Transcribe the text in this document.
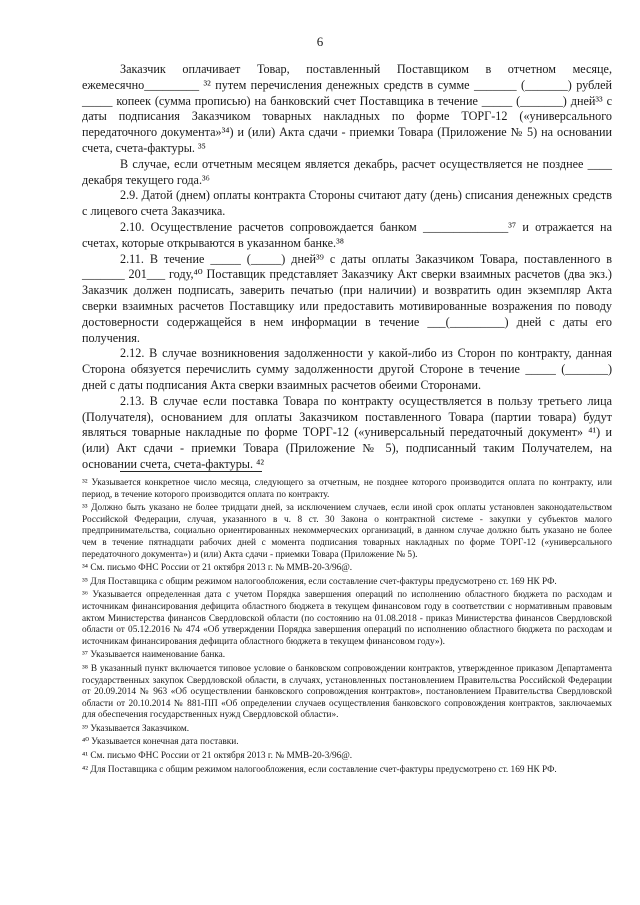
6

Заказчик оплачивает Товар, поставленный Поставщиком в отчетном месяце, ежемесячно_________ ³² путем перечисления денежных средств в сумме _______ (_______) рублей _____ копеек (сумма прописью) на банковский счет Поставщика в течение _____ (_______) дней³³ с даты подписания Заказчиком товарных накладных по форме ТОРГ-12 («универсального передаточного документа»³⁴) и (или) Акта сдачи - приемки Товара (Приложение № 5) на основании счета, счета-фактуры. ³⁵

В случае, если отчетным месяцем является декабрь, расчет осуществляется не позднее ____ декабря текущего года.³⁶

2.9. Датой (днем) оплаты контракта Стороны считают дату (день) списания денежных средств с лицевого счета Заказчика.

2.10. Осуществление расчетов сопровождается банком ______________³⁷ и отражается на счетах, которые открываются в указанном банке.³⁸

2.11. В течение _____ (_____) дней³⁹ с даты оплаты Заказчиком Товара, поставленного в _______ 201___ году,⁴⁰ Поставщик представляет Заказчику Акт сверки взаимных расчетов (два экз.) Заказчик должен подписать, заверить печатью (при наличии) и возвратить один экземпляр Акта сверки взаимных расчетов Поставщику или предоставить мотивированные возражения по поводу достоверности содержащейся в нем информации в течение ___(_________) дней с даты его получения.

2.12. В случае возникновения задолженности у какой-либо из Сторон по контракту, данная Сторона обязуется перечислить сумму задолженности другой Стороне в течение _____ (_______) дней с даты подписания Акта сверки взаимных расчетов обеими Сторонами.

2.13. В случае если поставка Товара по контракту осуществляется в пользу третьего лица (Получателя), основанием для оплаты Заказчиком поставленного Товара (партии товара) будут являться товарные накладные по форме ТОРГ-12 («универсальный передаточный документ» ⁴¹) и (или) Акт сдачи - приемки Товара (Приложение № 5), подписанный таким Получателем, на основании счета, счета-фактуры. ⁴²

³² Указывается конкретное число месяца, следующего за отчетным, не позднее которого производится оплата по контракту, или период, в течение которого производится оплата по контракту.

³³ Должно быть указано не более тридцати дней, за исключением случаев, если иной срок оплаты установлен законодательством Российской Федерации, случая, указанного в ч. 8 ст. 30 Закона о контрактной системе - закупки у субъектов малого предпринимательства, социально ориентированных некоммерческих организаций, в данном случае должно быть указано не более чем в течение пятнадцати рабочих дней с момента подписания товарных накладных по форме ТОРГ-12 («универсального передаточного документа») и (или) Акта сдачи - приемки Товара (Приложение № 5).

³⁴ См. письмо ФНС России от 21 октября 2013 г. № ММВ-20-3/96@.

³⁵ Для Поставщика с общим режимом налогообложения, если составление счет-фактуры предусмотрено ст. 169 НК РФ.

³⁶ Указывается определенная дата с учетом Порядка завершения операций по исполнению областного бюджета по расходам и источникам финансирования дефицита областного бюджета в текущем финансовом году в соответствии с нормативным правовым актом Министерства финансов Свердловской области (по состоянию на 01.08.2018 - приказ Министерства финансов Свердловской области от 05.12.2016 № 474 «Об утверждении Порядка завершения операций по исполнению областного бюджета по расходам и источникам финансирования дефицита областного бюджета в текущем финансовом году»).

³⁷ Указывается наименование банка.

³⁸ В указанный пункт включается типовое условие о банковском сопровождении контрактов, утвержденное приказом Департамента государственных закупок Свердловской области, в случаях, установленных постановлением Правительства Российской Федерации от 20.09.2014 № 963 «Об осуществлении банковского сопровождения контрактов», постановлением Правительства Свердловской области от 20.10.2014 № 881-ПП «Об определении случаев осуществления банковского сопровождения контрактов, заключаемых для обеспечения государственных нужд Свердловской области».

³⁹ Указывается Заказчиком.

⁴⁰ Указывается конечная дата поставки.

⁴¹ См. письмо ФНС России от 21 октября 2013 г. № ММВ-20-3/96@.

⁴² Для Поставщика с общим режимом налогообложения, если составление счет-фактуры предусмотрено ст. 169 НК РФ.
